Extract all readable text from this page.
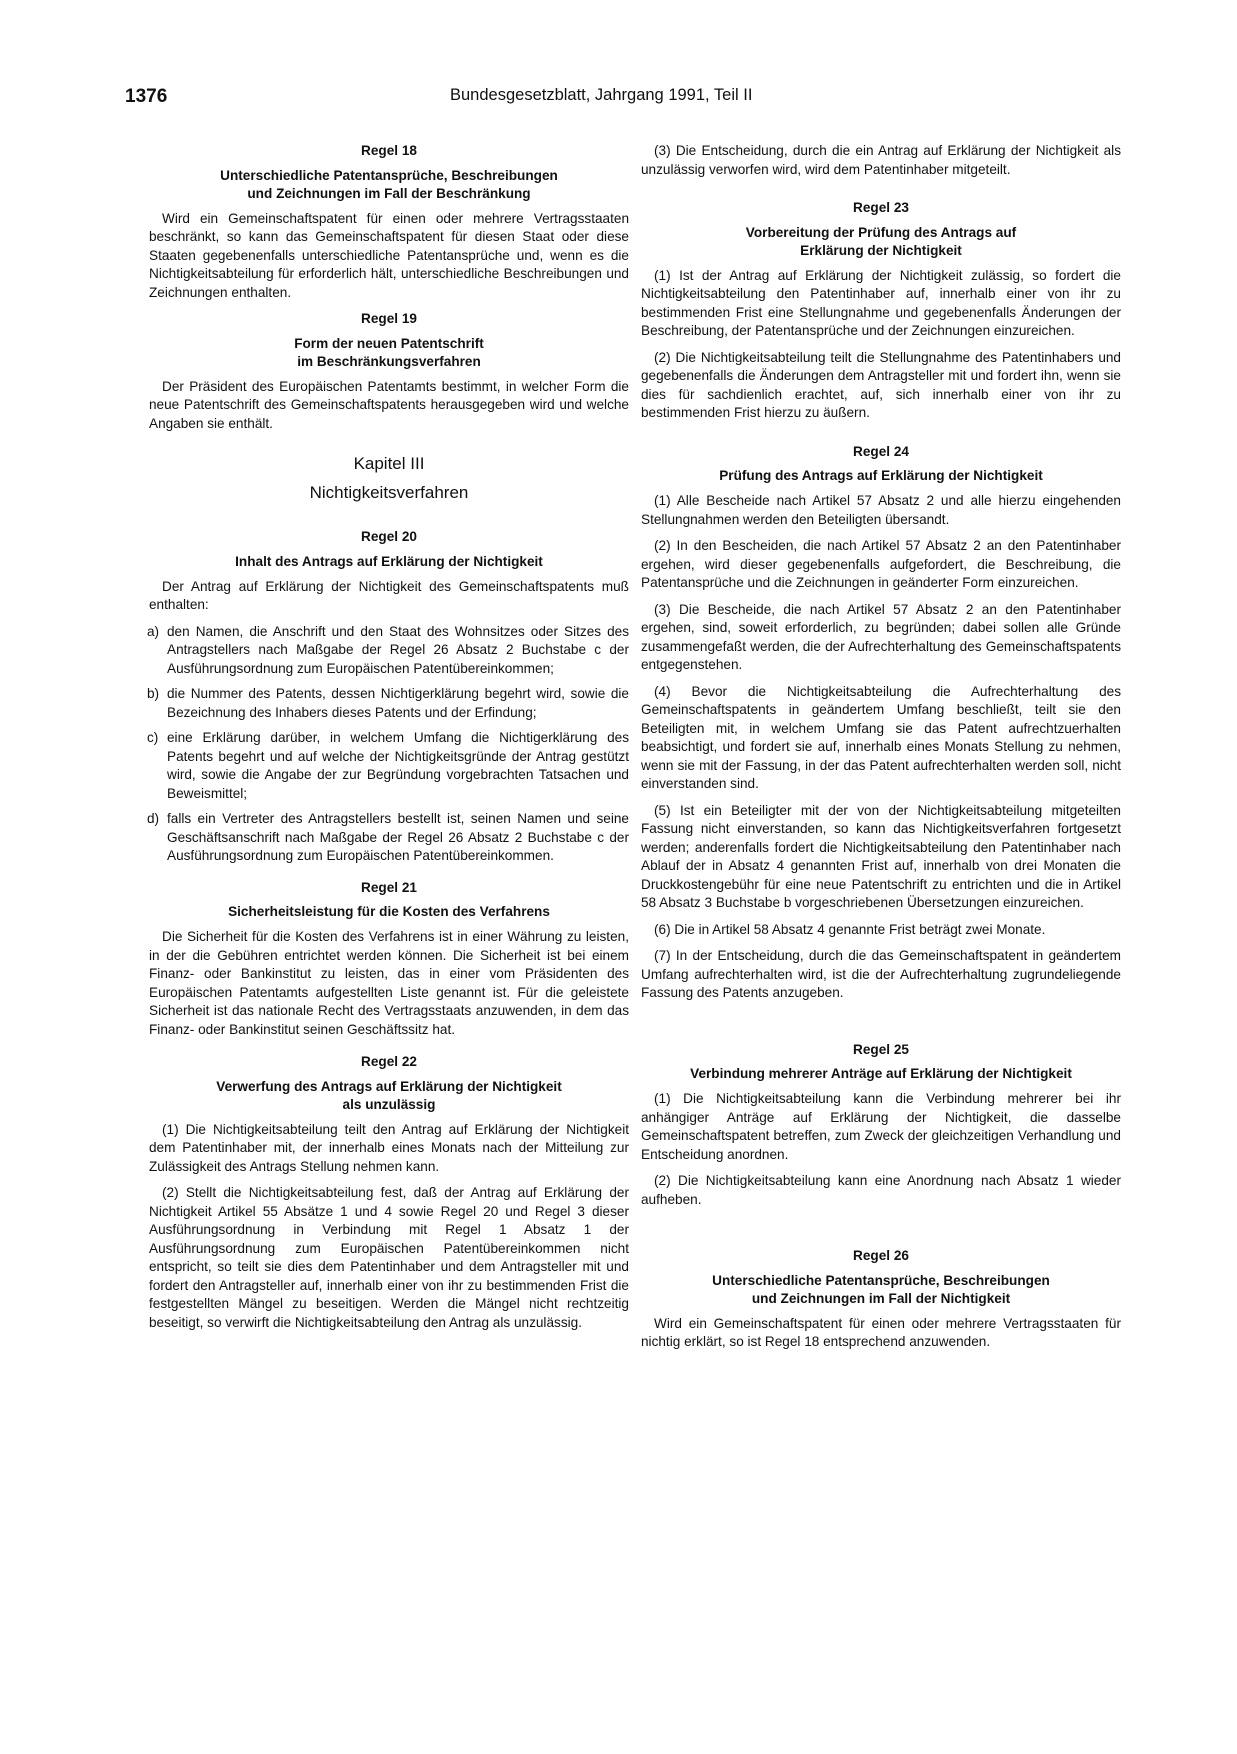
1376	Bundesgesetzblatt, Jahrgang 1991, Teil II
Regel 18
Unterschiedliche Patentansprüche, Beschreibungen
und Zeichnungen im Fall der Beschränkung

Wird ein Gemeinschaftspatent für einen oder mehrere Vertragsstaaten beschränkt, so kann das Gemeinschaftspatent für diesen Staat oder diese Staaten gegebenenfalls unterschiedliche Patentansprüche und, wenn es die Nichtigkeitsabteilung für erforderlich hält, unterschiedliche Beschreibungen und Zeichnungen enthalten.

Regel 19
Form der neuen Patentschrift
im Beschränkungsverfahren

Der Präsident des Europäischen Patentamts bestimmt, in welcher Form die neue Patentschrift des Gemeinschaftspatents herausgegeben wird und welche Angaben sie enthält.

Kapitel III
Nichtigkeitsverfahren
Regel 20
Inhalt des Antrags auf Erklärung der Nichtigkeit

Der Antrag auf Erklärung der Nichtigkeit des Gemeinschaftspatents muß enthalten:

a) den Namen, die Anschrift und den Staat des Wohnsitzes oder Sitzes des Antragstellers nach Maßgabe der Regel 26 Absatz 2 Buchstabe c der Ausführungsordnung zum Europäischen Patentübereinkommen;
b) die Nummer des Patents, dessen Nichtigerklärung begehrt wird, sowie die Bezeichnung des Inhabers dieses Patents und der Erfindung;
c) eine Erklärung darüber, in welchem Umfang die Nichtigerklärung des Patents begehrt und auf welche der Nichtigkeitsgründe der Antrag gestützt wird, sowie die Angabe der zur Begründung vorgebrachten Tatsachen und Beweismittel;
d) falls ein Vertreter des Antragstellers bestellt ist, seinen Namen und seine Geschäftsanschrift nach Maßgabe der Regel 26 Absatz 2 Buchstabe c der Ausführungsordnung zum Europäischen Patentübereinkommen.
Regel 21
Sicherheitsleistung für die Kosten des Verfahrens

Die Sicherheit für die Kosten des Verfahrens ist in einer Währung zu leisten, in der die Gebühren entrichtet werden können. Die Sicherheit ist bei einem Finanz- oder Bankinstitut zu leisten, das in einer vom Präsidenten des Europäischen Patentamts aufgestellten Liste genannt ist. Für die geleistete Sicherheit ist das nationale Recht des Vertragsstaats anzuwenden, in dem das Finanz- oder Bankinstitut seinen Geschäftssitz hat.

Regel 22
Verwerfung des Antrags auf Erklärung der Nichtigkeit
als unzulässig

(1) Die Nichtigkeitsabteilung teilt den Antrag auf Erklärung der Nichtigkeit dem Patentinhaber mit, der innerhalb eines Monats nach der Mitteilung zur Zulässigkeit des Antrags Stellung nehmen kann.

(2) Stellt die Nichtigkeitsabteilung fest, daß der Antrag auf Erklärung der Nichtigkeit Artikel 55 Absätze 1 und 4 sowie Regel 20 und Regel 3 dieser Ausführungsordnung in Verbindung mit Regel 1 Absatz 1 der Ausführungsordnung zum Europäischen Patentübereinkommen nicht entspricht, so teilt sie dies dem Patentinhaber und dem Antragsteller mit und fordert den Antragsteller auf, innerhalb einer von ihr zu bestimmenden Frist die festgestellten Mängel zu beseitigen. Werden die Mängel nicht rechtzeitig beseitigt, so verwirft die Nichtigkeitsabteilung den Antrag als unzulässig.

(3) Die Entscheidung, durch die ein Antrag auf Erklärung der Nichtigkeit als unzulässig verworfen wird, wird dem Patentinhaber mitgeteilt.

Regel 23
Vorbereitung der Prüfung des Antrags auf
Erklärung der Nichtigkeit

(1) Ist der Antrag auf Erklärung der Nichtigkeit zulässig, so fordert die Nichtigkeitsabteilung den Patentinhaber auf, innerhalb einer von ihr zu bestimmenden Frist eine Stellungnahme und gegebenenfalls Änderungen der Beschreibung, der Patentansprüche und der Zeichnungen einzureichen.

(2) Die Nichtigkeitsabteilung teilt die Stellungnahme des Patentinhabers und gegebenenfalls die Änderungen dem Antragsteller mit und fordert ihn, wenn sie dies für sachdienlich erachtet, auf, sich innerhalb einer von ihr zu bestimmenden Frist hierzu zu äußern.

Regel 24
Prüfung des Antrags auf Erklärung der Nichtigkeit

(1) Alle Bescheide nach Artikel 57 Absatz 2 und alle hierzu eingehenden Stellungnahmen werden den Beteiligten übersandt.

(2) In den Bescheiden, die nach Artikel 57 Absatz 2 an den Patentinhaber ergehen, wird dieser gegebenenfalls aufgefordert, die Beschreibung, die Patentansprüche und die Zeichnungen in geänderter Form einzureichen.

(3) Die Bescheide, die nach Artikel 57 Absatz 2 an den Patentinhaber ergehen, sind, soweit erforderlich, zu begründen; dabei sollen alle Gründe zusammengefaßt werden, die der Aufrechterhaltung des Gemeinschaftspatents entgegenstehen.

(4) Bevor die Nichtigkeitsabteilung die Aufrechterhaltung des Gemeinschaftspatents in geändertem Umfang beschließt, teilt sie den Beteiligten mit, in welchem Umfang sie das Patent aufrechtzuerhalten beabsichtigt, und fordert sie auf, innerhalb eines Monats Stellung zu nehmen, wenn sie mit der Fassung, in der das Patent aufrechterhalten werden soll, nicht einverstanden sind.

(5) Ist ein Beteiligter mit der von der Nichtigkeitsabteilung mitgeteilten Fassung nicht einverstanden, so kann das Nichtigkeitsverfahren fortgesetzt werden; anderenfalls fordert die Nichtigkeitsabteilung den Patentinhaber nach Ablauf der in Absatz 4 genannten Frist auf, innerhalb von drei Monaten die Druckkostengebühr für eine neue Patentschrift zu entrichten und die in Artikel 58 Absatz 3 Buchstabe b vorgeschriebenen Übersetzungen einzureichen.

(6) Die in Artikel 58 Absatz 4 genannte Frist beträgt zwei Monate.

(7) In der Entscheidung, durch die das Gemeinschaftspatent in geändertem Umfang aufrechterhalten wird, ist die der Aufrechterhaltung zugrundeliegende Fassung des Patents anzugeben.

Regel 25
Verbindung mehrerer Anträge auf Erklärung der Nichtigkeit

(1) Die Nichtigkeitsabteilung kann die Verbindung mehrerer bei ihr anhängiger Anträge auf Erklärung der Nichtigkeit, die dasselbe Gemeinschaftspatent betreffen, zum Zweck der gleichzeitigen Verhandlung und Entscheidung anordnen.

(2) Die Nichtigkeitsabteilung kann eine Anordnung nach Absatz 1 wieder aufheben.

Regel 26
Unterschiedliche Patentansprüche, Beschreibungen
und Zeichnungen im Fall der Nichtigkeit

Wird ein Gemeinschaftspatent für einen oder mehrere Vertragsstaaten für nichtig erklärt, so ist Regel 18 entsprechend anzuwenden.
